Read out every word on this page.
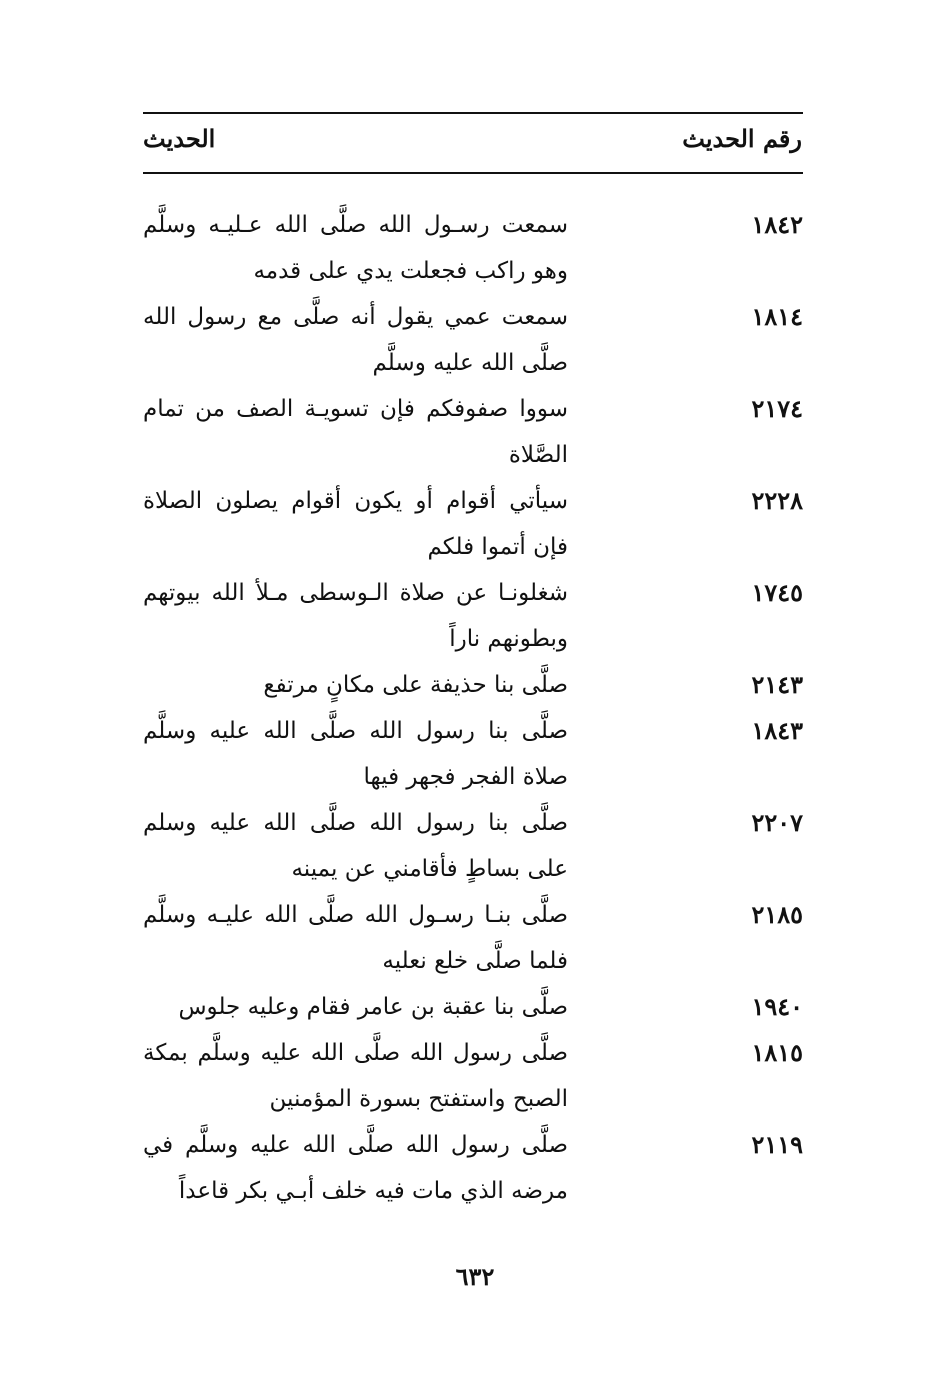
رقم الحديث
الحديث
١٨٤٢
سمعت رسـول الله صلَّى الله عـليـه وسلَّم وهو راكب فجعلت يدي على قدمه
١٨١٤
سمعت عمي يقول أنه صلَّى مع رسول الله صلَّى الله عليه وسلَّم
٢١٧٤
سووا صفوفكم فإن تسويـة الصف من تمام الصَّلاة
٢٢٢٨
سيأتي أقوام أو يكون أقوام يصلون الصلاة فإن أتموا فلكم
١٧٤٥
شغلونـا عن صلاة الـوسطى مـلأ الله بيوتهم وبطونهم ناراً
٢١٤٣
صلَّى بنا حذيفة على مكانٍ مرتفع
١٨٤٣
صلَّى بنا رسول الله صلَّى الله عليه وسلَّم صلاة الفجر فجهر فيها
٢٢٠٧
صلَّى بنا رسول الله صلَّى الله عليه وسلم على بساطٍ فأقامني عن يمينه
٢١٨٥
صلَّى بنـا رسـول الله صلَّى الله عليـه وسلَّم فلما صلَّى خلع نعليه
١٩٤٠
صلَّى بنا عقبة بن عامر فقام وعليه جلوس
١٨١٥
صلَّى رسول الله صلَّى الله عليه وسلَّم بمكة الصبح واستفتح بسورة المؤمنين
٢١١٩
صلَّى رسول الله صلَّى الله عليه وسلَّم في مرضه الذي مات فيه خلف أبـي بكر قاعداً
٦٣٢
